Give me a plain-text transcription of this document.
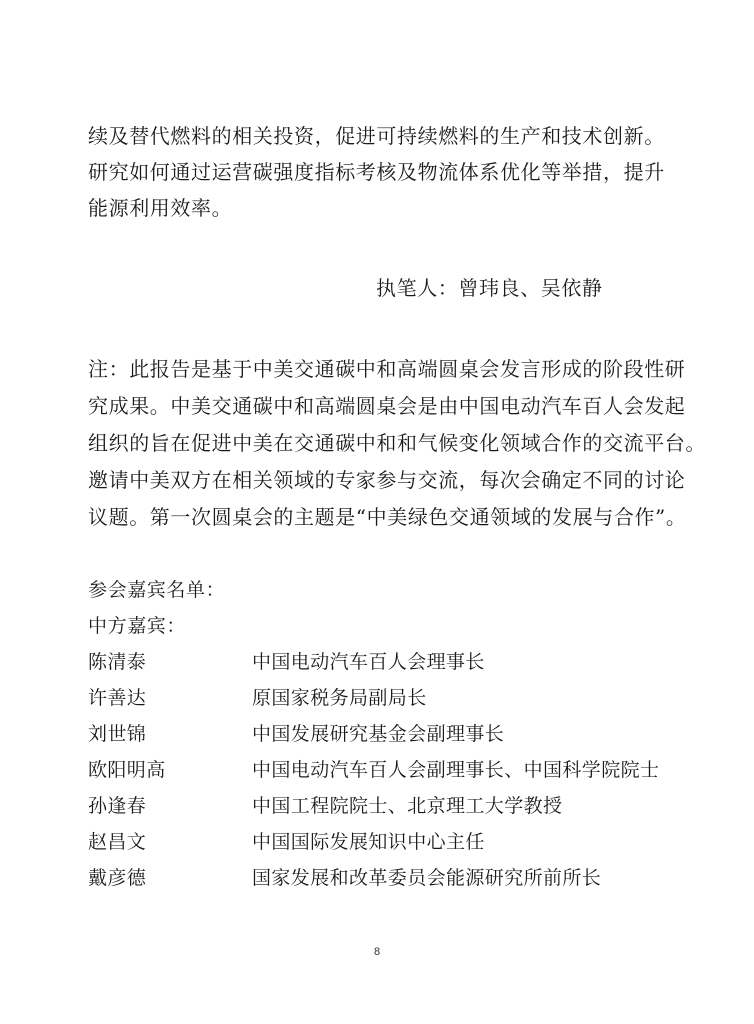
续及替代燃料的相关投资，促进可持续燃料的生产和技术创新。
研究如何通过运营碳强度指标考核及物流体系优化等举措，提升
能源利用效率。
执笔人：曾玮良、吴依静
注：此报告是基于中美交通碳中和高端圆桌会发言形成的阶段性研
究成果。中美交通碳中和高端圆桌会是由中国电动汽车百人会发起
组织的旨在促进中美在交通碳中和和气候变化领域合作的交流平台。
邀请中美双方在相关领域的专家参与交流，每次会确定不同的讨论
议题。第一次圆桌会的主题是“中美绿色交通领域的发展与合作”。
参会嘉宾名单：
中方嘉宾：
陈清泰	中国电动汽车百人会理事长
许善达	原国家税务局副局长
刘世锦	中国发展研究基金会副理事长
欧阳明高	中国电动汽车百人会副理事长、中国科学院院士
孙逢春	中国工程院院士、北京理工大学教授
赵昌文	中国国际发展知识中心主任
戴彦德	国家发展和改革委员会能源研究所前所长
8
